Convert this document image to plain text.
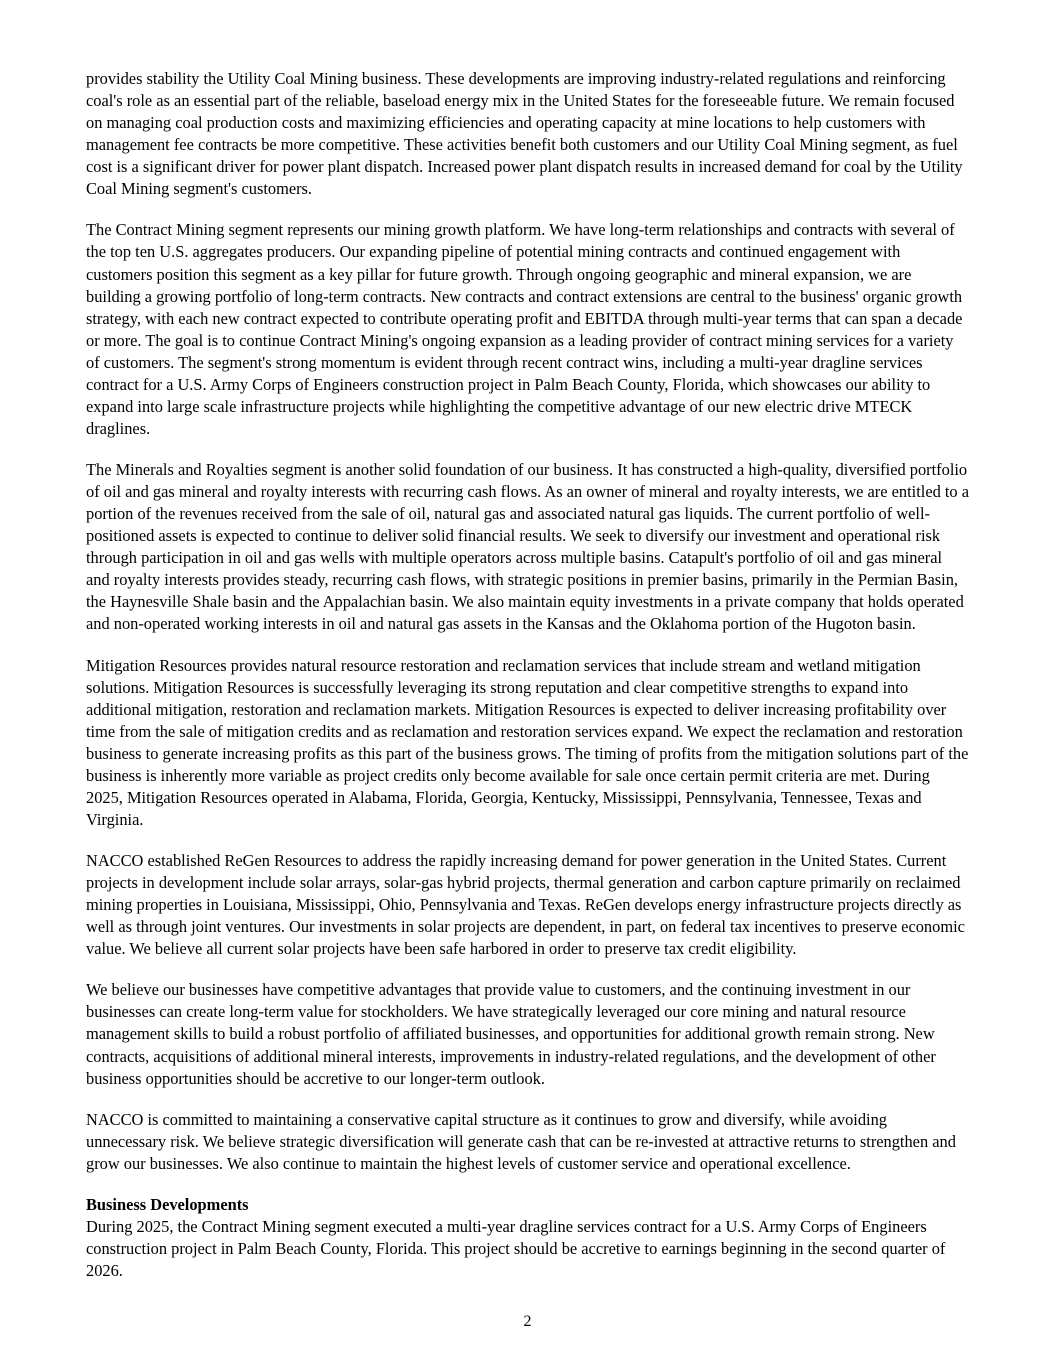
provides stability the Utility Coal Mining business. These developments are improving industry-related regulations and reinforcing coal's role as an essential part of the reliable, baseload energy mix in the United States for the foreseeable future. We remain focused on managing coal production costs and maximizing efficiencies and operating capacity at mine locations to help customers with management fee contracts be more competitive. These activities benefit both customers and our Utility Coal Mining segment, as fuel cost is a significant driver for power plant dispatch. Increased power plant dispatch results in increased demand for coal by the Utility Coal Mining segment's customers.

The Contract Mining segment represents our mining growth platform. We have long-term relationships and contracts with several of the top ten U.S. aggregates producers. Our expanding pipeline of potential mining contracts and continued engagement with customers position this segment as a key pillar for future growth. Through ongoing geographic and mineral expansion, we are building a growing portfolio of long-term contracts. New contracts and contract extensions are central to the business' organic growth strategy, with each new contract expected to contribute operating profit and EBITDA through multi-year terms that can span a decade or more. The goal is to continue Contract Mining's ongoing expansion as a leading provider of contract mining services for a variety of customers. The segment's strong momentum is evident through recent contract wins, including a multi-year dragline services contract for a U.S. Army Corps of Engineers construction project in Palm Beach County, Florida, which showcases our ability to expand into large scale infrastructure projects while highlighting the competitive advantage of our new electric drive MTECK draglines.

The Minerals and Royalties segment is another solid foundation of our business. It has constructed a high-quality, diversified portfolio of oil and gas mineral and royalty interests with recurring cash flows. As an owner of mineral and royalty interests, we are entitled to a portion of the revenues received from the sale of oil, natural gas and associated natural gas liquids. The current portfolio of well-positioned assets is expected to continue to deliver solid financial results. We seek to diversify our investment and operational risk through participation in oil and gas wells with multiple operators across multiple basins. Catapult's portfolio of oil and gas mineral and royalty interests provides steady, recurring cash flows, with strategic positions in premier basins, primarily in the Permian Basin, the Haynesville Shale basin and the Appalachian basin. We also maintain equity investments in a private company that holds operated and non-operated working interests in oil and natural gas assets in the Kansas and the Oklahoma portion of the Hugoton basin.

Mitigation Resources provides natural resource restoration and reclamation services that include stream and wetland mitigation solutions. Mitigation Resources is successfully leveraging its strong reputation and clear competitive strengths to expand into additional mitigation, restoration and reclamation markets. Mitigation Resources is expected to deliver increasing profitability over time from the sale of mitigation credits and as reclamation and restoration services expand. We expect the reclamation and restoration business to generate increasing profits as this part of the business grows. The timing of profits from the mitigation solutions part of the business is inherently more variable as project credits only become available for sale once certain permit criteria are met. During 2025, Mitigation Resources operated in Alabama, Florida, Georgia, Kentucky, Mississippi, Pennsylvania, Tennessee, Texas and Virginia.

NACCO established ReGen Resources to address the rapidly increasing demand for power generation in the United States. Current projects in development include solar arrays, solar-gas hybrid projects, thermal generation and carbon capture primarily on reclaimed mining properties in Louisiana, Mississippi, Ohio, Pennsylvania and Texas. ReGen develops energy infrastructure projects directly as well as through joint ventures. Our investments in solar projects are dependent, in part, on federal tax incentives to preserve economic value. We believe all current solar projects have been safe harbored in order to preserve tax credit eligibility.

We believe our businesses have competitive advantages that provide value to customers, and the continuing investment in our businesses can create long-term value for stockholders. We have strategically leveraged our core mining and natural resource management skills to build a robust portfolio of affiliated businesses, and opportunities for additional growth remain strong. New contracts, acquisitions of additional mineral interests, improvements in industry-related regulations, and the development of other business opportunities should be accretive to our longer-term outlook.

NACCO is committed to maintaining a conservative capital structure as it continues to grow and diversify, while avoiding unnecessary risk. We believe strategic diversification will generate cash that can be re-invested at attractive returns to strengthen and grow our businesses. We also continue to maintain the highest levels of customer service and operational excellence.

Business Developments

During 2025, the Contract Mining segment executed a multi-year dragline services contract for a U.S. Army Corps of Engineers construction project in Palm Beach County, Florida. This project should be accretive to earnings beginning in the second quarter of 2026.

2
